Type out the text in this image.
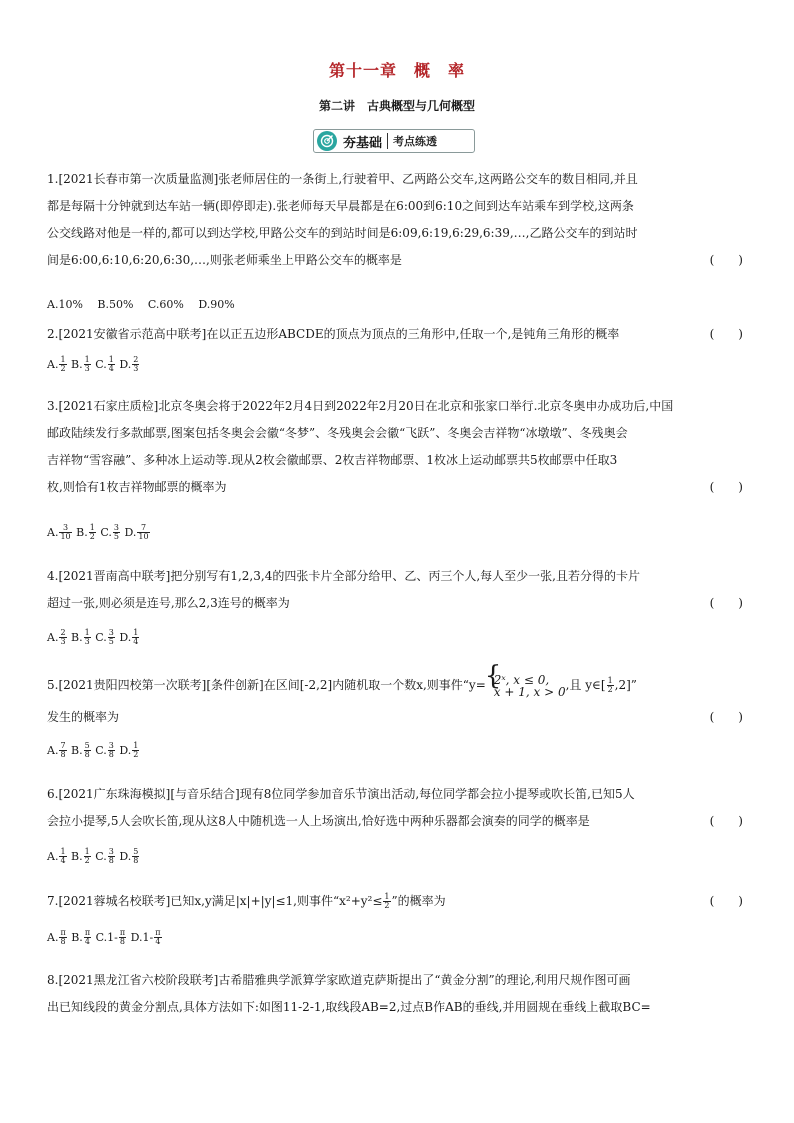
第十一章　概　率
第二讲　古典概型与几何概型
夯基础 考点练透

1.[2021长春市第一次质量监测]张老师居住的一条街上,行驶着甲、乙两路公交车,这两路公交车的数目相同,并且

都是每隔十分钟就到达车站一辆(即停即走).张老师每天早晨都是在6:00到6:10之间到达车站乘车到学校,这两条

公交线路对他是一样的,都可以到达学校,甲路公交车的到站时间是6:09,6:19,6:29,6:39,…,乙路公交车的到站时

间是6:00,6:10,6:20,6:30,…,则张老师乘坐上甲路公交车的概率是	(　　)

A.10%　 B.50%　 C.60%　 D.90%

2.[2021安徽省示范高中联考]在以正五边形ABCDE的顶点为顶点的三角形中,任取一个,是钝角三角形的概率	(　　)

A. $\frac{1}{2} B$. $\frac{1}{3} C$. $\frac{1}{4} D$. $\frac{2}{3}$

3.[2021石家庄质检]北京冬奥会将于2022年2月4日到2022年2月20日在北京和张家口举行.北京冬奥申办成功后,中国

邮政陆续发行多款邮票,图案包括冬奥会会徽“冬梦”、冬残奥会会徽“飞跃”、冬奥会吉祥物“冰墩墩”、冬残奥会

吉祥物“雪容融”、多种冰上运动等.现从2枚会徽邮票、2枚吉祥物邮票、1枚冰上运动邮票共5枚邮票中任取3

枚,则恰有1枚吉祥物邮票的概率为	(　　)

A. $\frac{3}{10} B$. $\frac{1}{2} C$. $\frac{3}{5} D$. $\frac{7}{10}$

4.[2021晋南高中联考]把分别写有1,2,3,4的四张卡片全部分给甲、乙、丙三个人,每人至少一张,且若分得的卡片

超过一张,则必须是连号,那么2,3连号的概率为	(　　)

A. $\frac{2}{3} B$. $\frac{1}{3} C$. $\frac{3}{5} D$. $\frac{1}{4}$

5.[2021贵阳四校第一次联考][条件创新]在区间[-2,2]内随机取一个数x,则事件“y=
{ 2ˣ, x ≤ 0,
x + 1, x > 0 ,且 y∈[ $\frac{1}{2} ,2$]”

发生的概率为	(　　)

A. $\frac{7}{8} B$. $\frac{5}{8} C$. $\frac{3}{8} D$. $\frac{1}{2}$

6.[2021广东珠海模拟][与音乐结合]现有8位同学参加音乐节演出活动,每位同学都会拉小提琴或吹长笛,已知5人

会拉小提琴,5人会吹长笛,现从这8人中随机选一人上场演出,恰好选中两种乐器都会演奏的同学的概率是	(　　)

A. $\frac{1}{4} B$. $\frac{1}{2} C$. $\frac{3}{8} D$. $\frac{5}{8}$

7.[2021蓉城名校联考]已知x,y满足|x|+|y|≤1,则事件“$x^2+y^2\le \frac{1}{2}$ ”的概率为	(　　)

A. $\frac{\pi}{8} B$. $\frac{\pi}{4} C.1- \frac{\pi}{8} D.1- \frac{\pi}{4}$

8.[2021黑龙江省六校阶段联考]古希腊雅典学派算学家欧道克萨斯提出了“黄金分割”的理论,利用尺规作图可画

出已知线段的黄金分割点,具体方法如下:如图11-2-1,取线段AB=2,过点B作AB的垂线,并用圆规在垂线上截取BC=
